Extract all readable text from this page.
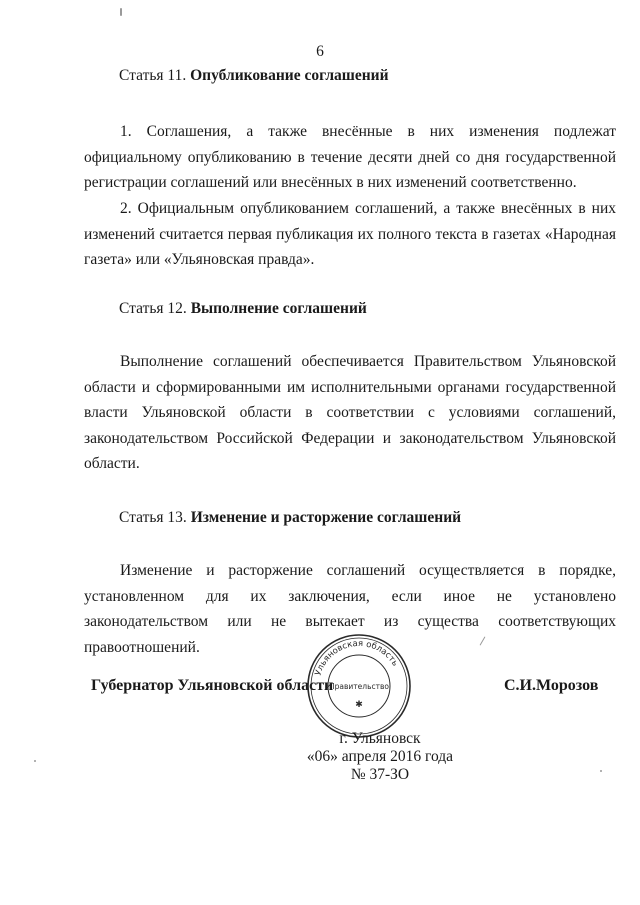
6
Статья 11. Опубликование соглашений

1. Соглашения, а также внесённые в них изменения подлежат официальному опубликованию в течение десяти дней со дня государственной регистрации соглашений или внесённых в них изменений соответственно.

2. Официальным опубликованием соглашений, а также внесённых в них изменений считается первая публикация их полного текста в газетах «Народная газета» или «Ульяновская правда».

Статья 12. Выполнение соглашений

Выполнение соглашений обеспечивается Правительством Ульяновской области и сформированными им исполнительными органами государственной власти Ульяновской области в соответствии с условиями соглашений, законодательством Российской Федерации и законодательством Ульяновской области.

Статья 13. Изменение и расторжение соглашений

Изменение и расторжение соглашений осуществляется в порядке, установленном для их заключения, если иное не установлено законодательством или не вытекает из существа соответствующих правоотношений.

Губернатор Ульяновской области	С.И.Морозов
Ульяновская область
Правительство
✱
г. Ульяновск
«06» апреля 2016 года
№ 37-ЗО
